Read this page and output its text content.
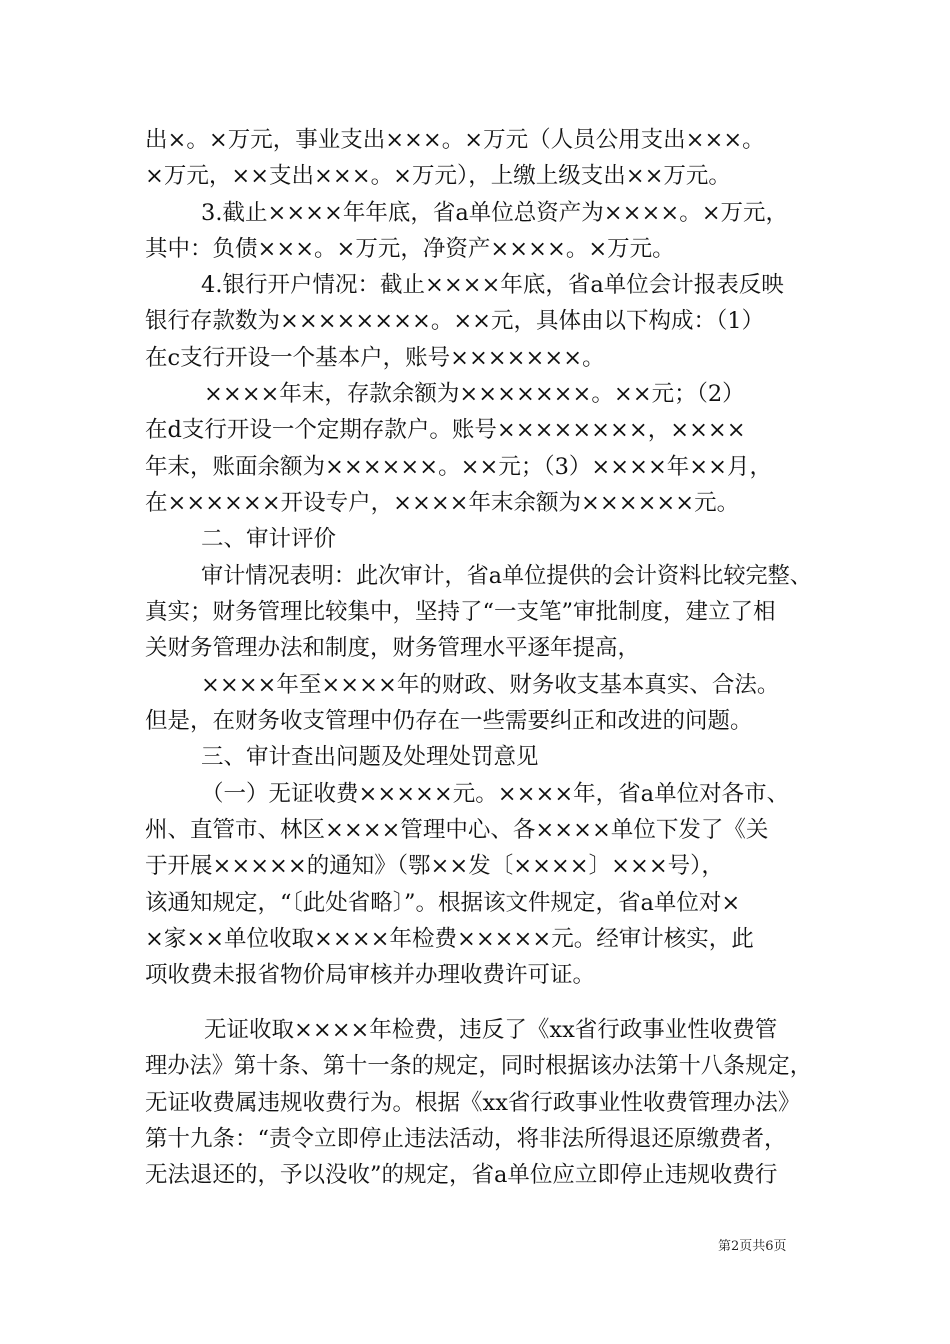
出×。×万元，事业支出×××。×万元（人员公用支出×××。

×万元，××支出×××。×万元），上缴上级支出××万元。

3.截止××××年年底，省a单位总资产为××××。×万元，

其中：负债×××。×万元，净资产××××。×万元。

4.银行开户情况：截止××××年底，省a单位会计报表反映

银行存款数为××××××××。××元，具体由以下构成：（1）

在c支行开设一个基本户，账号×××××××。

××××年末，存款余额为×××××××。××元；（2）

在d支行开设一个定期存款户。账号××××××××，××××

年末，账面余额为××××××。××元；（3）××××年××月，

在××××××开设专户，××××年末余额为××××××元。

二、审计评价

审计情况表明：此次审计，省a单位提供的会计资料比较完整、

真实；财务管理比较集中，坚持了“一支笔”审批制度，建立了相

关财务管理办法和制度，财务管理水平逐年提高，

××××年至××××年的财政、财务收支基本真实、合法。

但是，在财务收支管理中仍存在一些需要纠正和改进的问题。

三、审计查出问题及处理处罚意见

（一）无证收费×××××元。××××年，省a单位对各市、

州、直管市、林区××××管理中心、各××××单位下发了《关

于开展×××××的通知》（鄂××发〔××××〕×××号），

该通知规定，“〔此处省略〕”。根据该文件规定，省a单位对×

×家××单位收取××××年检费×××××元。经审计核实，此

项收费未报省物价局审核并办理收费许可证。

无证收取××××年检费，违反了《xx省行政事业性收费管

理办法》第十条、第十一条的规定，同时根据该办法第十八条规定，

无证收费属违规收费行为。根据《xx省行政事业性收费管理办法》

第十九条：“责令立即停止违法活动，将非法所得退还原缴费者，

无法退还的，予以没收”的规定，省a单位应立即停止违规收费行

第2页共6页
